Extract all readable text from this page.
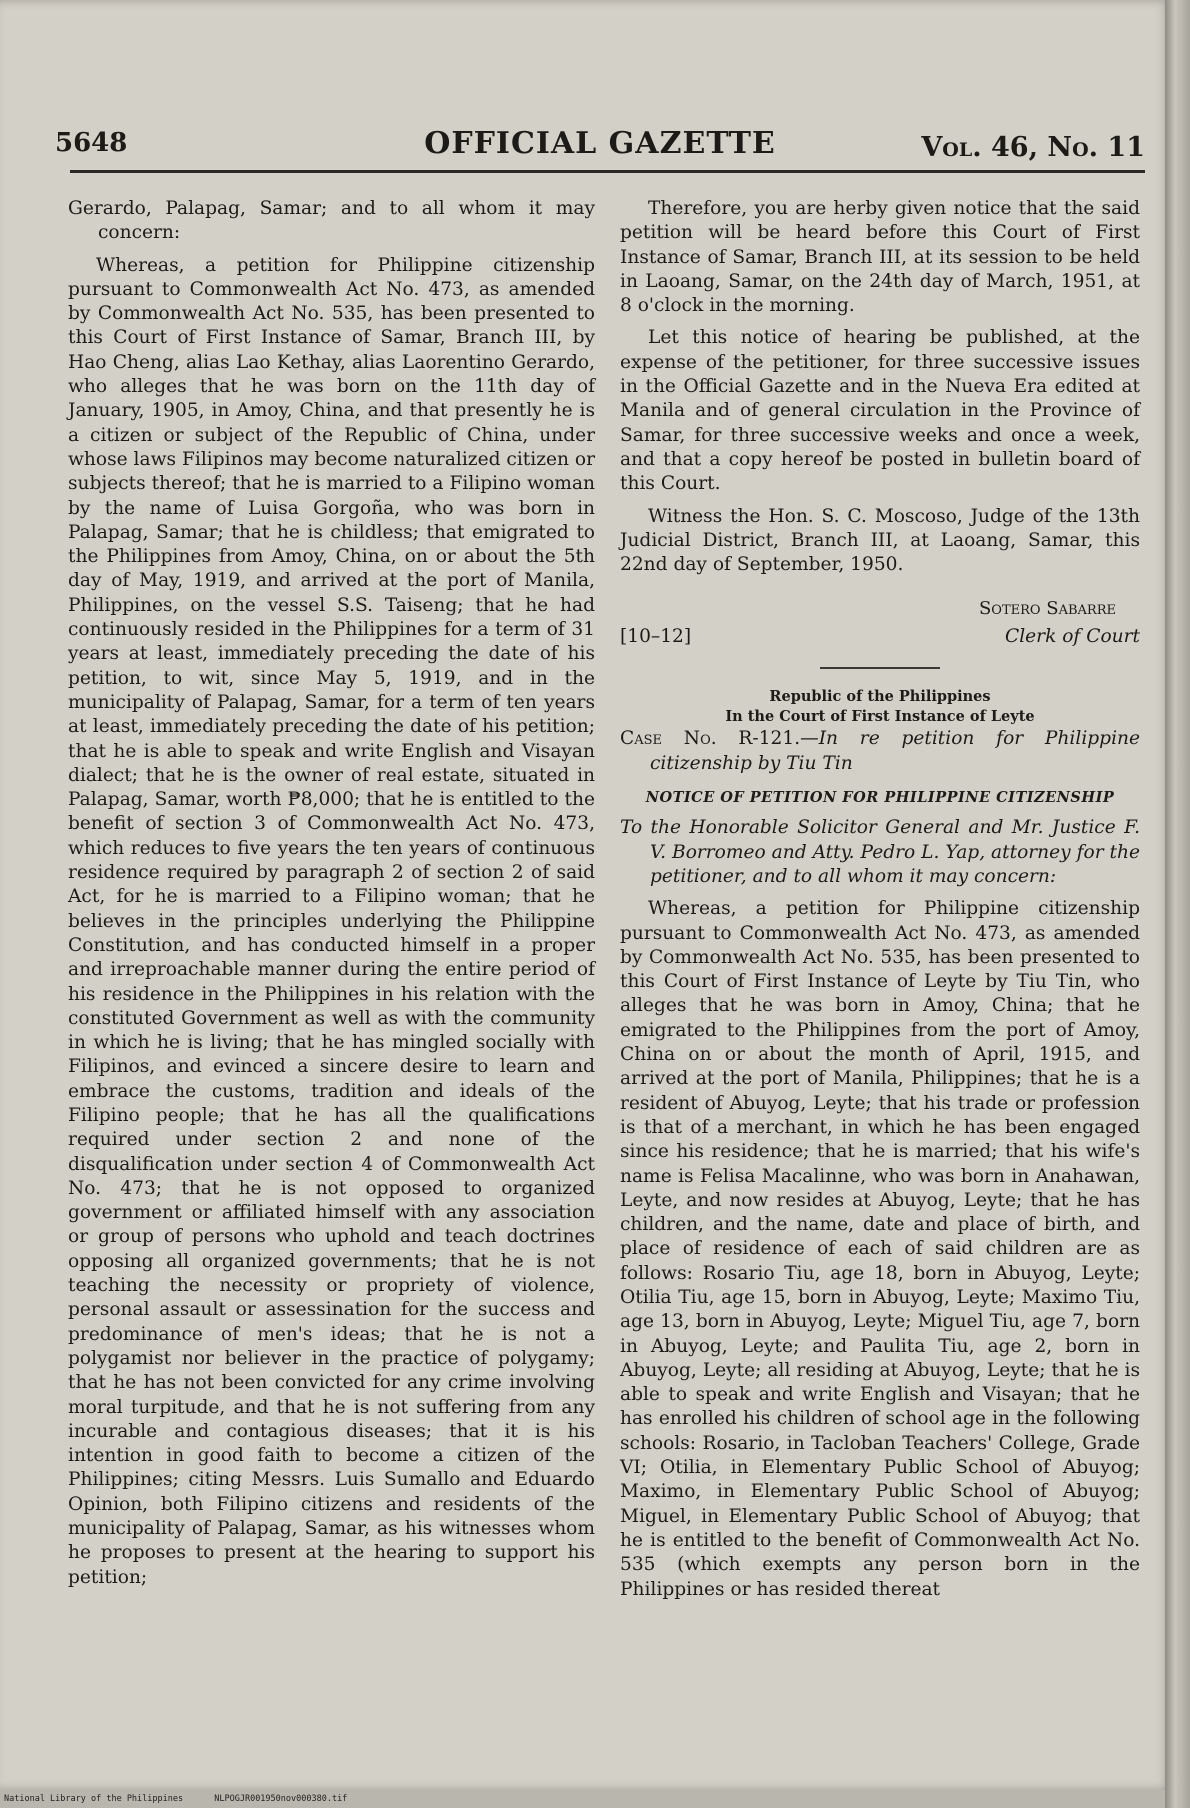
5648	OFFICIAL GAZETTE	Vol. 46, No. 11

Gerardo, Palapag, Samar; and to all whom it may concern:

Whereas, a petition for Philippine citizenship pursuant to Commonwealth Act No. 473, as amended by Commonwealth Act No. 535, has been presented to this Court of First Instance of Samar, Branch III, by Hao Cheng, alias Lao Kethay, alias Laorentino Gerardo, who alleges that he was born on the 11th day of January, 1905, in Amoy, China, and that presently he is a citizen or subject of the Republic of China, under whose laws Filipinos may become naturalized citizen or subjects thereof; that he is married to a Filipino woman by the name of Luisa Gorgoña, who was born in Palapag, Samar; that he is childless; that emigrated to the Philippines from Amoy, China, on or about the 5th day of May, 1919, and arrived at the port of Manila, Philippines, on the vessel S.S. Taiseng; that he had continuously resided in the Philippines for a term of 31 years at least, immediately preceding the date of his petition, to wit, since May 5, 1919, and in the municipality of Palapag, Samar, for a term of ten years at least, immediately preceding the date of his petition; that he is able to speak and write English and Visayan dialect; that he is the owner of real estate, situated in Palapag, Samar, worth ₱8,000; that he is entitled to the benefit of section 3 of Commonwealth Act No. 473, which reduces to five years the ten years of continuous residence required by paragraph 2 of section 2 of said Act, for he is married to a Filipino woman; that he believes in the principles underlying the Philippine Constitution, and has conducted himself in a proper and irreproachable manner during the entire period of his residence in the Philippines in his relation with the constituted Government as well as with the community in which he is living; that he has mingled socially with Filipinos, and evinced a sincere desire to learn and embrace the customs, tradition and ideals of the Filipino people; that he has all the qualifications required under section 2 and none of the disqualification under section 4 of Commonwealth Act No. 473; that he is not opposed to organized government or affiliated himself with any association or group of persons who uphold and teach doctrines opposing all organized governments; that he is not teaching the necessity or propriety of violence, personal assault or assessination for the success and predominance of men's ideas; that he is not a polygamist nor believer in the practice of polygamy; that he has not been convicted for any crime involving moral turpitude, and that he is not suffering from any incurable and contagious diseases; that it is his intention in good faith to become a citizen of the Philippines; citing Messrs. Luis Sumallo and Eduardo Opinion, both Filipino citizens and residents of the municipality of Palapag, Samar, as his witnesses whom he proposes to present at the hearing to support his petition;

Therefore, you are herby given notice that the said petition will be heard before this Court of First Instance of Samar, Branch III, at its session to be held in Laoang, Samar, on the 24th day of March, 1951, at 8 o'clock in the morning.

Let this notice of hearing be published, at the expense of the petitioner, for three successive issues in the Official Gazette and in the Nueva Era edited at Manila and of general circulation in the Province of Samar, for three successive weeks and once a week, and that a copy hereof be posted in bulletin board of this Court.

Witness the Hon. S. C. Moscoso, Judge of the 13th Judicial District, Branch III, at Laoang, Samar, this 22nd day of September, 1950.

[10–12]
Sotero Sabarre
Clerk of Court
Republic of the Philippines
In the Court of First Instance of Leyte

Case No. R-121.—In re petition for Philippine citizenship by Tiu Tin

NOTICE OF PETITION FOR PHILIPPINE CITIZENSHIP

To the Honorable Solicitor General and Mr. Justice F. V. Borromeo and Atty. Pedro L. Yap, attorney for the petitioner, and to all whom it may concern:

Whereas, a petition for Philippine citizenship pursuant to Commonwealth Act No. 473, as amended by Commonwealth Act No. 535, has been presented to this Court of First Instance of Leyte by Tiu Tin, who alleges that he was born in Amoy, China; that he emigrated to the Philippines from the port of Amoy, China on or about the month of April, 1915, and arrived at the port of Manila, Philippines; that he is a resident of Abuyog, Leyte; that his trade or profession is that of a merchant, in which he has been engaged since his residence; that he is married; that his wife's name is Felisa Macalinne, who was born in Anahawan, Leyte, and now resides at Abuyog, Leyte; that he has children, and the name, date and place of birth, and place of residence of each of said children are as follows: Rosario Tiu, age 18, born in Abuyog, Leyte; Otilia Tiu, age 15, born in Abuyog, Leyte; Maximo Tiu, age 13, born in Abuyog, Leyte; Miguel Tiu, age 7, born in Abuyog, Leyte; and Paulita Tiu, age 2, born in Abuyog, Leyte; all residing at Abuyog, Leyte; that he is able to speak and write English and Visayan; that he has enrolled his children of school age in the following schools: Rosario, in Tacloban Teachers' College, Grade VI; Otilia, in Elementary Public School of Abuyog; Maximo, in Elementary Public School of Abuyog; Miguel, in Elementary Public School of Abuyog; that he is entitled to the benefit of Commonwealth Act No. 535 (which exempts any person born in the Philippines or has resided thereat

National Library of the Philippines	NLPOGJR001950nov000380.tif
